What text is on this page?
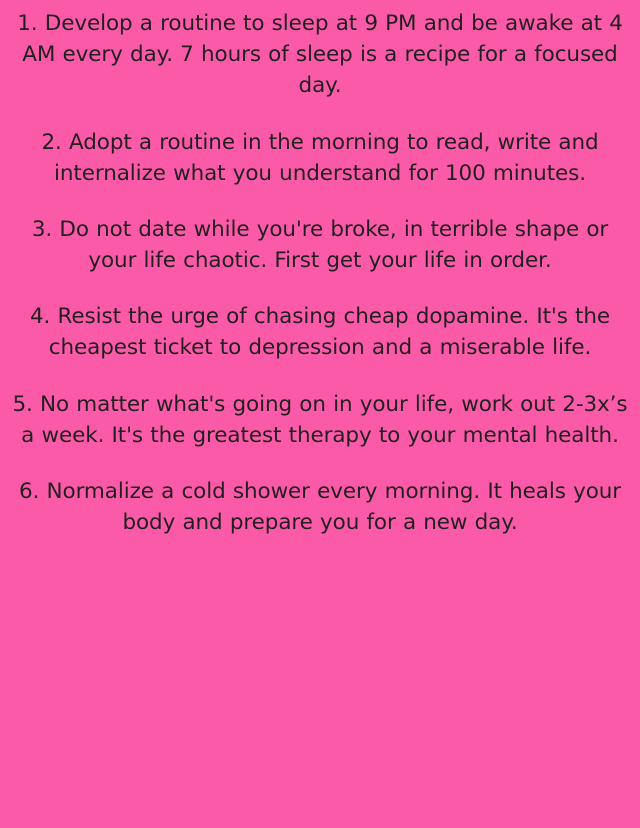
1. Develop a routine to sleep at 9 PM and be awake at 4 AM every day. 7 hours of sleep is a recipe for a focused day.

2. Adopt a routine in the morning to read, write and internalize what you understand for 100 minutes.

3. Do not date while you're broke, in terrible shape or your life chaotic. First get your life in order.

4. Resist the urge of chasing cheap dopamine. It's the cheapest ticket to depression and a miserable life.

5. No matter what's going on in your life, work out 2-3x’s a week. It's the greatest therapy to your mental health.

6. Normalize a cold shower every morning. It heals your body and prepare you for a new day.
